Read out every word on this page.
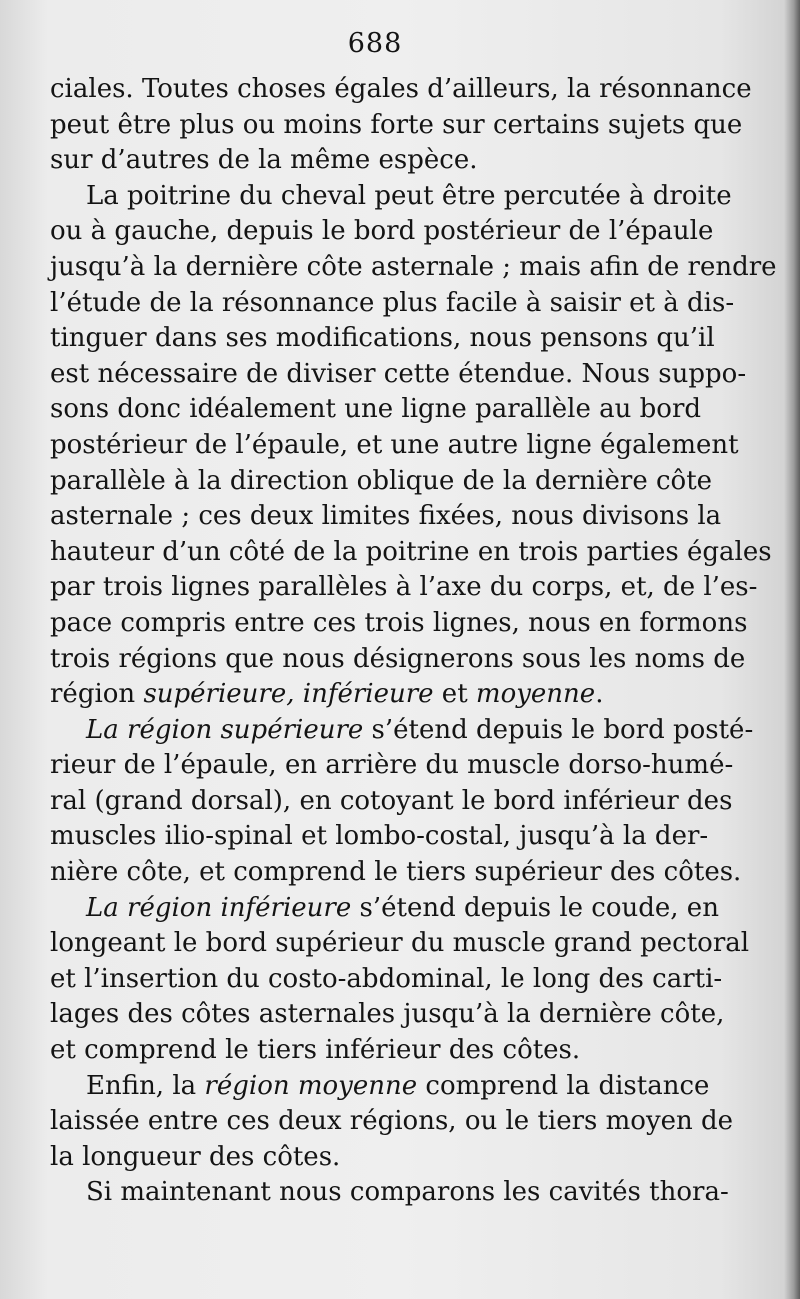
688
ciales. Toutes choses égales d’ailleurs, la résonnance
peut être plus ou moins forte sur certains sujets que
sur d’autres de la même espèce.
La poitrine du cheval peut être percutée à droite
ou à gauche, depuis le bord postérieur de l’épaule
jusqu’à la dernière côte asternale ; mais afin de rendre
l’étude de la résonnance plus facile à saisir et à dis-
tinguer dans ses modifications, nous pensons qu’il
est nécessaire de diviser cette étendue. Nous suppo-
sons donc idéalement une ligne parallèle au bord
postérieur de l’épaule, et une autre ligne également
parallèle à la direction oblique de la dernière côte
asternale ; ces deux limites fixées, nous divisons la
hauteur d’un côté de la poitrine en trois parties égales
par trois lignes parallèles à l’axe du corps, et, de l’es-
pace compris entre ces trois lignes, nous en formons
trois régions que nous désignerons sous les noms de
région supérieure, inférieure et moyenne.
La région supérieure s’étend depuis le bord posté-
rieur de l’épaule, en arrière du muscle dorso-humé-
ral (grand dorsal), en cotoyant le bord inférieur des
muscles ilio-spinal et lombo-costal, jusqu’à la der-
nière côte, et comprend le tiers supérieur des côtes.
La région inférieure s’étend depuis le coude, en
longeant le bord supérieur du muscle grand pectoral
et l’insertion du costo-abdominal, le long des carti-
lages des côtes asternales jusqu’à la dernière côte,
et comprend le tiers inférieur des côtes.
Enfin, la région moyenne comprend la distance
laissée entre ces deux régions, ou le tiers moyen de
la longueur des côtes.
Si maintenant nous comparons les cavités thora-
